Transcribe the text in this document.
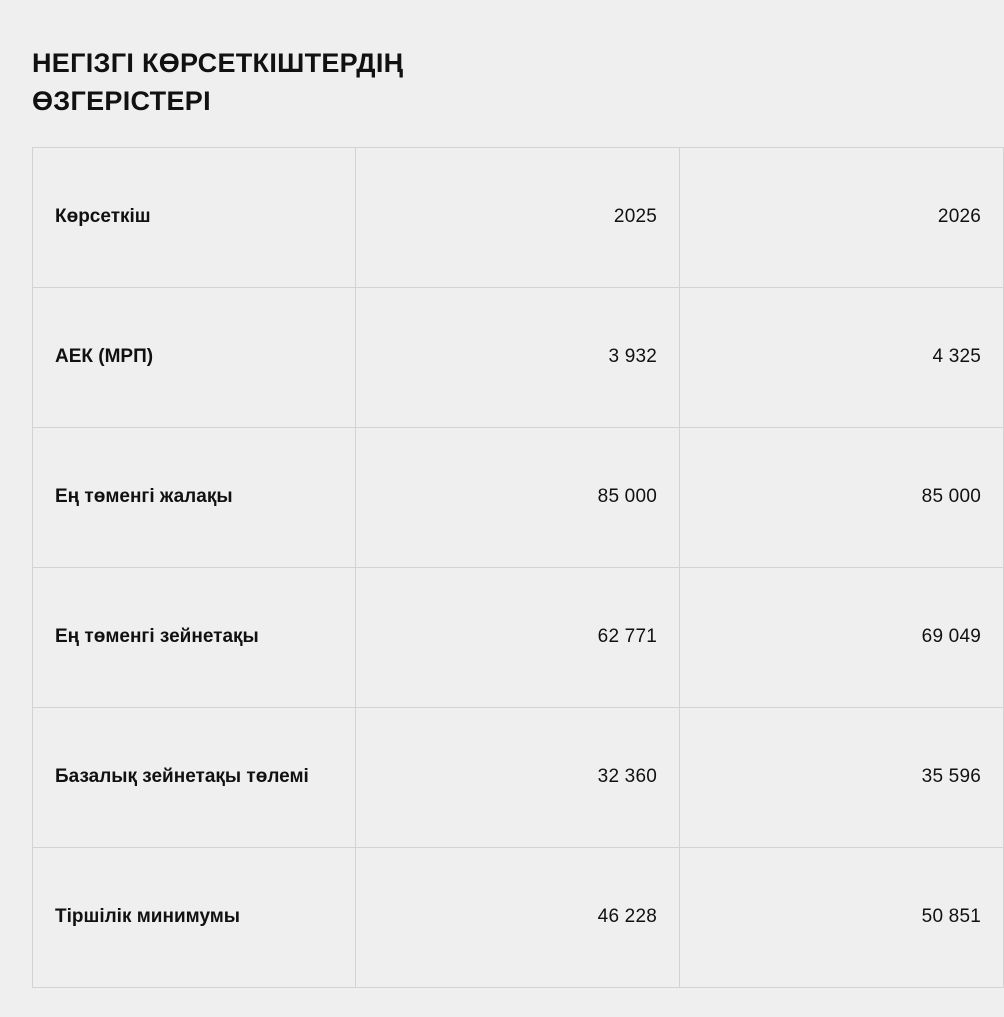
НЕГІЗГІ КӨРСЕТКІШТЕРДІҢ
ӨЗГЕРІСТЕРІ
Көрсеткіш	2025	2026
АЕК (МРП)	3 932	4 325
Ең төменгі жалақы	85 000	85 000
Ең төменгі зейнетақы	62 771	69 049
Базалық зейнетақы төлемі	32 360	35 596
Тіршілік минимумы	46 228	50 851
